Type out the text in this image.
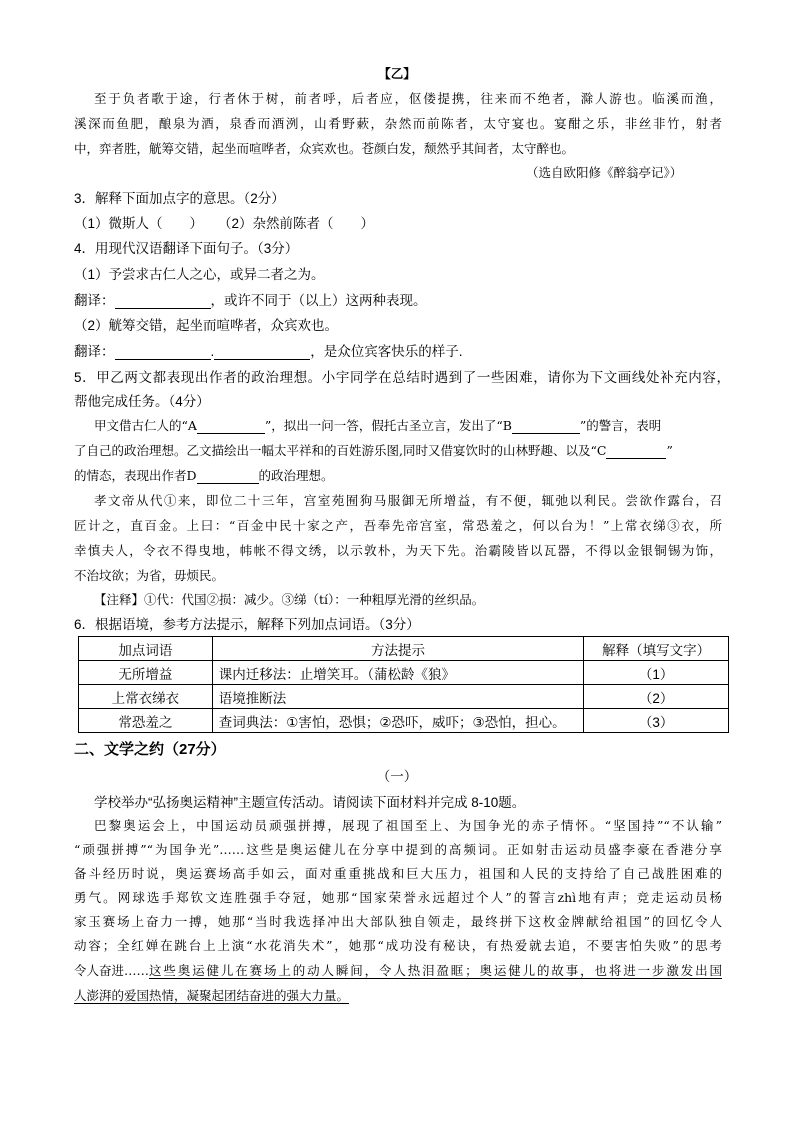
【乙】
至于负者歌于途，行者休于树，前者呼，后者应，伛偻提携，往来而不绝者，滁人游也。临溪而渔，
溪深而鱼肥，酿泉为酒，泉香而酒洌，山肴野蔌，杂然而前陈者，太守宴也。宴酣之乐，非丝非竹，射者
中，弈者胜，觥筹交错，起坐而喧哗者，众宾欢也。苍颜白发，颓然乎其间者，太守醉也。
（选自欧阳修《醉翁亭记》）
3．解释下面加点字的意思。（2分）
（1）微斯人（　　） （2）杂然前陈者（　　）
4．用现代汉语翻译下面句子。（3分）
（1）予尝求古仁人之心，或异二者之为。
翻译：	，或许不同于（以上）这两种表现。
（2）觥筹交错，起坐而喧哗者，众宾欢也。
翻译：	.	，是众位宾客快乐的样子.
5．甲乙两文都表现出作者的政治理想。小宇同学在总结时遇到了一些困难，请你为下文画线处补充内容，
帮他完成任务。（4分）
甲文借古仁人的“A	”，拟出一问一答，假托古圣立言，发出了“B	”的警言，表明
了自己的政治理想。乙文描绘出一幅太平祥和的百姓游乐图,同时又借宴饮时的山林野趣、以及“C	”
的情态，表现出作者D	的政治理想。
孝文帝从代①来，即位二十三年，宫室苑囿狗马服御无所增益，有不便，辄弛以利民。尝欲作露台，召
匠计之，直百金。上曰：“百金中民十家之产，吾奉先帝宫室，常恐羞之，何以台为！”上常衣绨③衣，所
幸慎夫人，令衣不得曳地，帏帐不得文绣，以示敦朴，为天下先。治霸陵皆以瓦器，不得以金银铜锡为饰，
不治坟欲；为省，毋烦民。
【注释】①代：代国②损：减少。③绨（tí）：一种粗厚光滑的丝织品。
6．根据语境，参考方法提示，解释下列加点词语。（3分）
加点词语	方法提示	解释（填写文字）
无所增益	课内迁移法：止增笑耳。（蒲松龄《狼》	（1）
上常衣绨衣	语境推断法	（2）
常恐羞之	查词典法：①害怕，恐惧；②恐吓，威吓；③恐怕，担心。	（3）
二、文学之约（27分）
（一）
学校举办“弘扬奥运精神”主题宣传活动。请阅读下面材料并完成 8-10题。
巴黎奥运会上，中国运动员顽强拼搏，展现了祖国至上、为国争光的赤子情怀。“坚国持”“不认输”
“顽强拼搏”“为国争光”……这些是奥运健儿在分享中提到的高频词。正如射击运动员盛李豪在香港分享
备斗经历时说，奥运赛场高手如云，面对重重挑战和巨大压力，祖国和人民的支持给了自己战胜困难的
勇气。网球选手郑钦文连胜强手夺冠，她那“国家荣誉永远超过个人”的誓言zhì地有声；竞走运动员杨
家玉赛场上奋力一搏，她那“当时我选择冲出大部队独自领走，最终拼下这枚金牌献给祖国”的回忆令人
动容；全红婵在跳台上上演“水花消失术”，她那“成功没有秘诀，有热爱就去追，不要害怕失败”的思考
令人奋进…… 这些奥运健儿在赛场上的动人瞬间，令人热泪盈眶；奥运健儿的故事，也将进一步激发出国
人澎湃的爱国热情，凝聚起团结奋进的强大力量。
